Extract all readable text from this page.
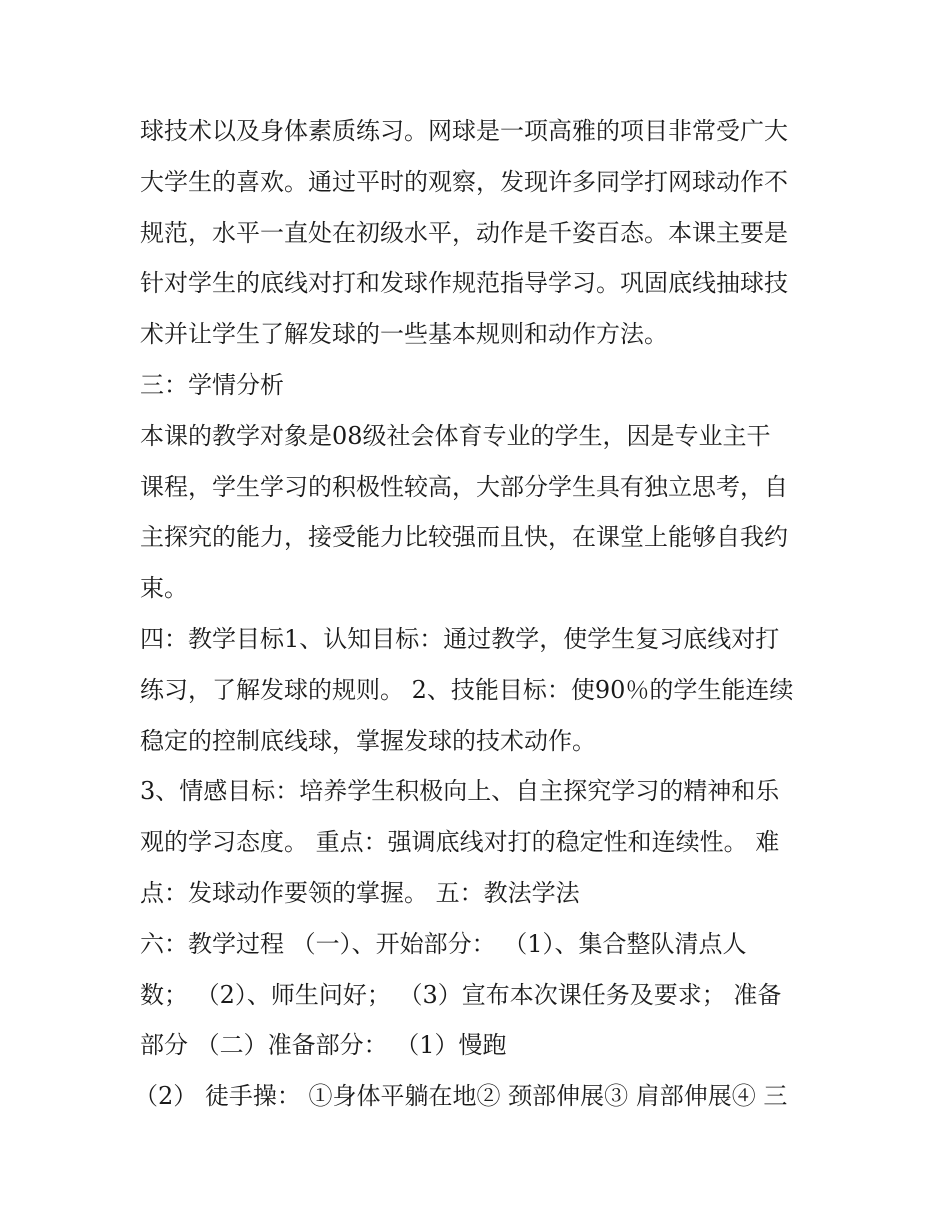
球技术以及身体素质练习。网球是一项高雅的项目非常受广大
大学生的喜欢。通过平时的观察，发现许多同学打网球动作不
规范，水平一直处在初级水平，动作是千姿百态。本课主要是
针对学生的底线对打和发球作规范指导学习。巩固底线抽球技
术并让学生了解发球的一些基本规则和动作方法。
三：学情分析
本课的教学对象是08级社会体育专业的学生，因是专业主干
课程，学生学习的积极性较高，大部分学生具有独立思考，自
主探究的能力，接受能力比较强而且快，在课堂上能够自我约
束。
四：教学目标1、认知目标：通过教学，使学生复习底线对打
练习，了解发球的规则。 2、技能目标：使90％的学生能连续
稳定的控制底线球，掌握发球的技术动作。
3、情感目标：培养学生积极向上、自主探究学习的精神和乐
观的学习态度。 重点：强调底线对打的稳定性和连续性。 难
点：发球动作要领的掌握。 五：教法学法
六：教学过程 （一）、开始部分： （1）、集合整队清点人
数； （2）、师生问好； （3）宣布本次课任务及要求； 准备
部分 （二）准备部分： （1）慢跑
（2） 徒手操： ①身体平躺在地② 颈部伸展③ 肩部伸展④ 三
